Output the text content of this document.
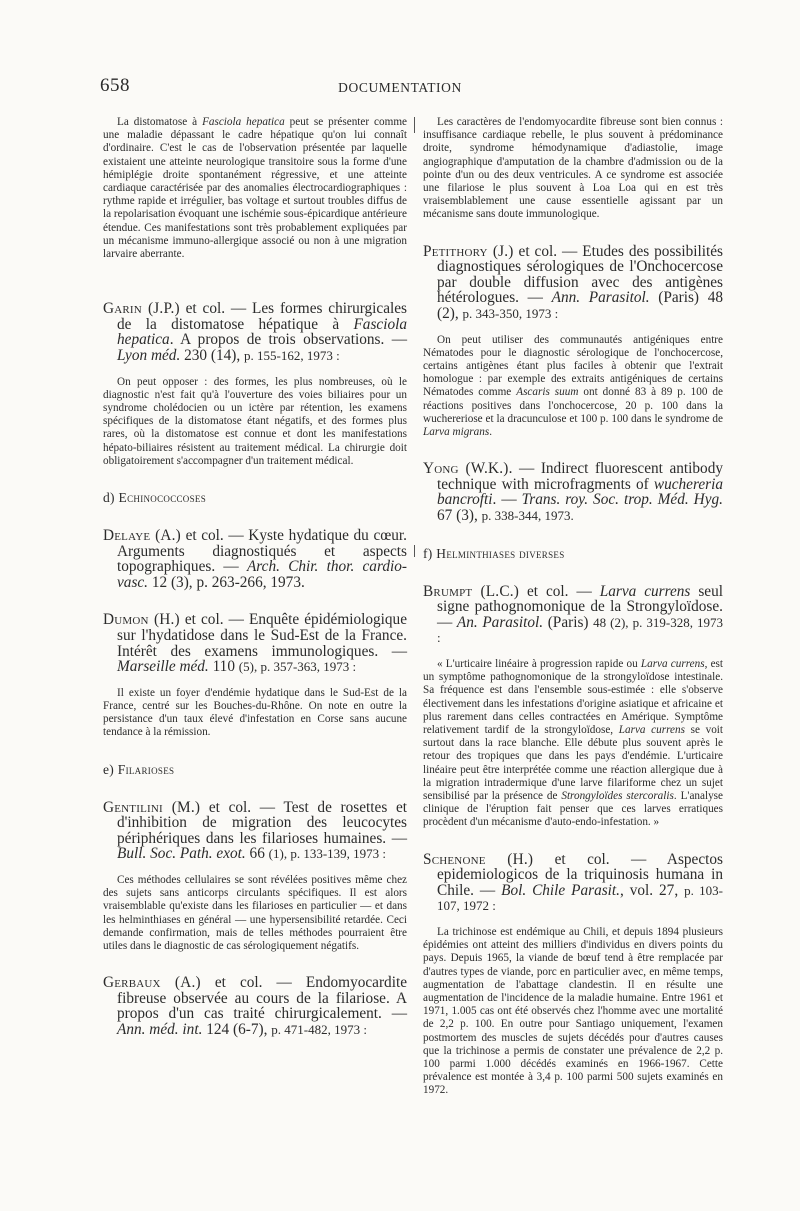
658	DOCUMENTATION

La distomatose à Fasciola hepatica peut se présenter comme une maladie dépassant le cadre hépatique qu'on lui connaît d'ordinaire. C'est le cas de l'observation présentée par laquelle existaient une atteinte neurologique transitoire sous la forme d'une hémiplégie droite spontanément régressive, et une atteinte cardiaque caractérisée par des anomalies électrocardiographiques : rythme rapide et irrégulier, bas voltage et surtout troubles diffus de la repolarisation évoquant une ischémie sous-épicardique antérieure étendue. Ces manifestations sont très probablement expliquées par un mécanisme immuno-allergique associé ou non à une migration larvaire aberrante.

Garin (J.P.) et col. — Les formes chirurgicales de la distomatose hépatique à Fasciola hepatica. A propos de trois observations. — Lyon méd. 230 (14), p. 155-162, 1973 :

On peut opposer : des formes, les plus nombreuses, où le diagnostic n'est fait qu'à l'ouverture des voies biliaires pour un syndrome cholédocien ou un ictère par rétention, les examens spécifiques de la distomatose étant négatifs, et des formes plus rares, où la distomatose est connue et dont les manifestations hépato-biliaires résistent au traitement médical. La chirurgie doit obligatoirement s'accompagner d'un traitement médical.

d) Echinococcoses

Delaye (A.) et col. — Kyste hydatique du cœur. Arguments diagnostiqués et aspects topographiques. — Arch. Chir. thor. cardio-vasc. 12 (3), p. 263-266, 1973.

Dumon (H.) et col. — Enquête épidémiologique sur l'hydatidose dans le Sud-Est de la France. Intérêt des examens immunologiques. — Marseille méd. 110 (5), p. 357-363, 1973 :

Il existe un foyer d'endémie hydatique dans le Sud-Est de la France, centré sur les Bouches-du-Rhône. On note en outre la persistance d'un taux élevé d'infestation en Corse sans aucune tendance à la rémission.

e) Filarioses

Gentilini (M.) et col. — Test de rosettes et d'inhibition de migration des leucocytes périphériques dans les filarioses humaines. — Bull. Soc. Path. exot. 66 (1), p. 133-139, 1973 :

Ces méthodes cellulaires se sont révélées positives même chez des sujets sans anticorps circulants spécifiques. Il est alors vraisemblable qu'existe dans les filarioses en particulier — et dans les helminthiases en général — une hypersensibilité retardée. Ceci demande confirmation, mais de telles méthodes pourraient être utiles dans le diagnostic de cas sérologiquement négatifs.

Gerbaux (A.) et col. — Endomyocardite fibreuse observée au cours de la filariose. A propos d'un cas traité chirurgicalement. — Ann. méd. int. 124 (6-7), p. 471-482, 1973 :

Les caractères de l'endomyocardite fibreuse sont bien connus : insuffisance cardiaque rebelle, le plus souvent à prédominance droite, syndrome hémodynamique d'adiastolie, image angiographique d'amputation de la chambre d'admission ou de la pointe d'un ou des deux ventricules. A ce syndrome est associée une filariose le plus souvent à Loa Loa qui en est très vraisemblablement une cause essentielle agissant par un mécanisme sans doute immunologique.

Petithory (J.) et col. — Etudes des possibilités diagnostiques sérologiques de l'Onchocercose par double diffusion avec des antigènes hétérologues. — Ann. Parasitol. (Paris) 48 (2), p. 343-350, 1973 :

On peut utiliser des communautés antigéniques entre Nématodes pour le diagnostic sérologique de l'onchocercose, certains antigènes étant plus faciles à obtenir que l'extrait homologue : par exemple des extraits antigéniques de certains Nématodes comme Ascaris suum ont donné 83 à 89 p. 100 de réactions positives dans l'onchocercose, 20 p. 100 dans la wuchereriose et la dracunculose et 100 p. 100 dans le syndrome de Larva migrans.

Yong (W.K.). — Indirect fluorescent antibody technique with microfragments of wuchereria bancrofti. — Trans. roy. Soc. trop. Méd. Hyg. 67 (3), p. 338-344, 1973.

f) Helminthiases diverses

Brumpt (L.C.) et col. — Larva currens seul signe pathognomonique de la Strongyloïdose. — An. Parasitol. (Paris) 48 (2), p. 319-328, 1973 :

« L'urticaire linéaire à progression rapide ou Larva currens, est un symptôme pathognomonique de la strongyloïdose intestinale. Sa fréquence est dans l'ensemble sous-estimée : elle s'observe électivement dans les infestations d'origine asiatique et africaine et plus rarement dans celles contractées en Amérique. Symptôme relativement tardif de la strongyloïdose, Larva currens se voit surtout dans la race blanche. Elle débute plus souvent après le retour des tropiques que dans les pays d'endémie. L'urticaire linéaire peut être interprétée comme une réaction allergique due à la migration intradermique d'une larve filariforme chez un sujet sensibilisé par la présence de Strongyloïdes stercoralis. L'analyse clinique de l'éruption fait penser que ces larves erratiques procèdent d'un mécanisme d'auto-endo-infestation. »

Schenone (H.) et col. — Aspectos epidemiologicos de la triquinosis humana in Chile. — Bol. Chile Parasit., vol. 27, p. 103-107, 1972 :

La trichinose est endémique au Chili, et depuis 1894 plusieurs épidémies ont atteint des milliers d'individus en divers points du pays. Depuis 1965, la viande de bœuf tend à être remplacée par d'autres types de viande, porc en particulier avec, en même temps, augmentation de l'abattage clandestin. Il en résulte une augmentation de l'incidence de la maladie humaine. Entre 1961 et 1971, 1.005 cas ont été observés chez l'homme avec une mortalité de 2,2 p. 100. En outre pour Santiago uniquement, l'examen postmortem des muscles de sujets décédés pour d'autres causes que la trichinose a permis de constater une prévalence de 2,2 p. 100 parmi 1.000 décédés examinés en 1966-1967. Cette prévalence est montée à 3,4 p. 100 parmi 500 sujets examinés en 1972.
